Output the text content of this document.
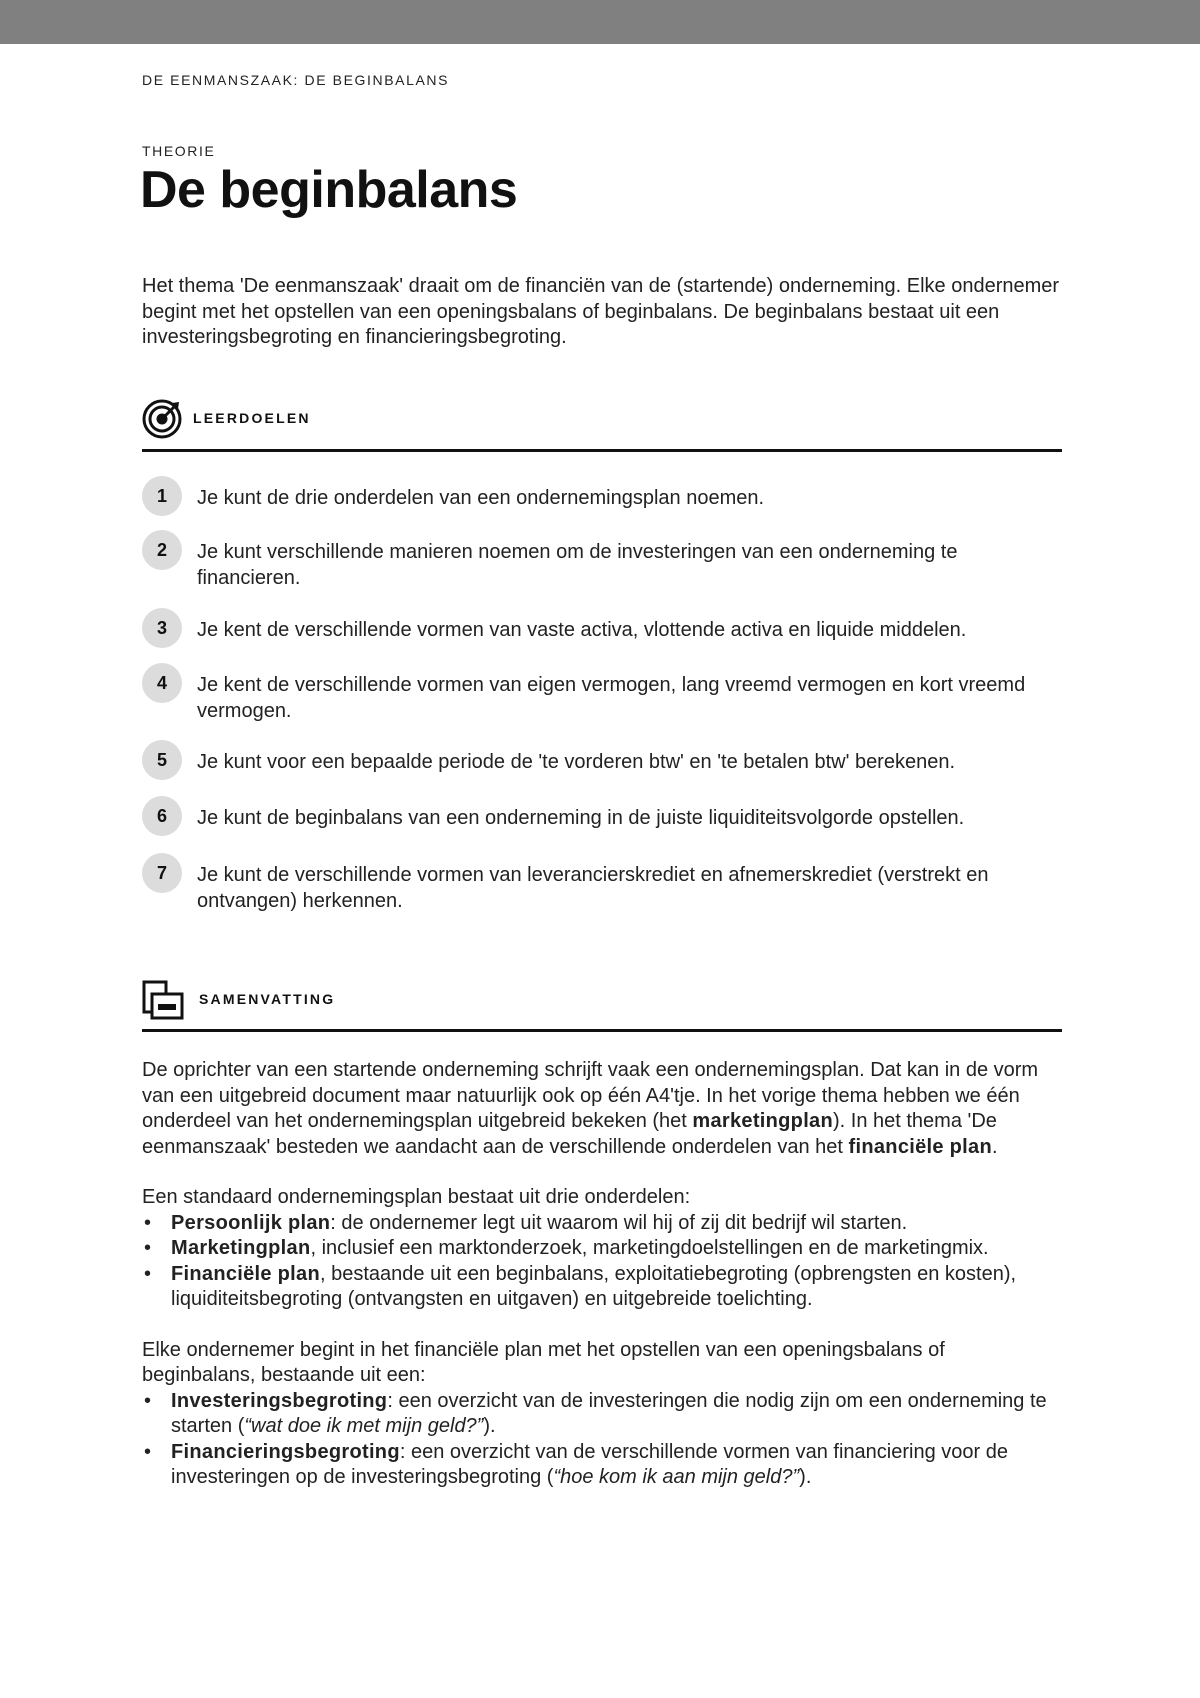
DE EENMANSZAAK: DE BEGINBALANS
THEORIE
De beginbalans

Het thema 'De eenmanszaak' draait om de financiën van de (startende) onderneming. Elke ondernemer begint met het opstellen van een openingsbalans of beginbalans. De beginbalans bestaat uit een investeringsbegroting en financieringsbegroting.

LEERDOELEN
1	Je kunt de drie onderdelen van een ondernemingsplan noemen.
2	Je kunt verschillende manieren noemen om de investeringen van een onderneming te financieren.
3	Je kent de verschillende vormen van vaste activa, vlottende activa en liquide middelen.
4	Je kent de verschillende vormen van eigen vermogen, lang vreemd vermogen en kort vreemd vermogen.
5	Je kunt voor een bepaalde periode de 'te vorderen btw' en 'te betalen btw' berekenen.
6	Je kunt de beginbalans van een onderneming in de juiste liquiditeitsvolgorde opstellen.
7	Je kunt de verschillende vormen van leverancierskrediet en afnemerskrediet (verstrekt en ontvangen) herkennen.
SAMENVATTING

De oprichter van een startende onderneming schrijft vaak een ondernemingsplan. Dat kan in de vorm van een uitgebreid document maar natuurlijk ook op één A4'tje. In het vorige thema hebben we één onderdeel van het ondernemingsplan uitgebreid bekeken (het marketingplan). In het thema 'De eenmanszaak' besteden we aandacht aan de verschillende onderdelen van het financiële plan.

Een standaard ondernemingsplan bestaat uit drie onderdelen:
• Persoonlijk plan: de ondernemer legt uit waarom wil hij of zij dit bedrijf wil starten.
• Marketingplan, inclusief een marktonderzoek, marketingdoelstellingen en de marketingmix.
• Financiële plan, bestaande uit een beginbalans, exploitatiebegroting (opbrengsten en kosten), liquiditeitsbegroting (ontvangsten en uitgaven) en uitgebreide toelichting.
Elke ondernemer begint in het financiële plan met het opstellen van een openingsbalans of beginbalans, bestaande uit een:
• Investeringsbegroting: een overzicht van de investeringen die nodig zijn om een onderneming te starten (“wat doe ik met mijn geld?”).
• Financieringsbegroting: een overzicht van de verschillende vormen van financiering voor de investeringen op de investeringsbegroting (“hoe kom ik aan mijn geld?”).
